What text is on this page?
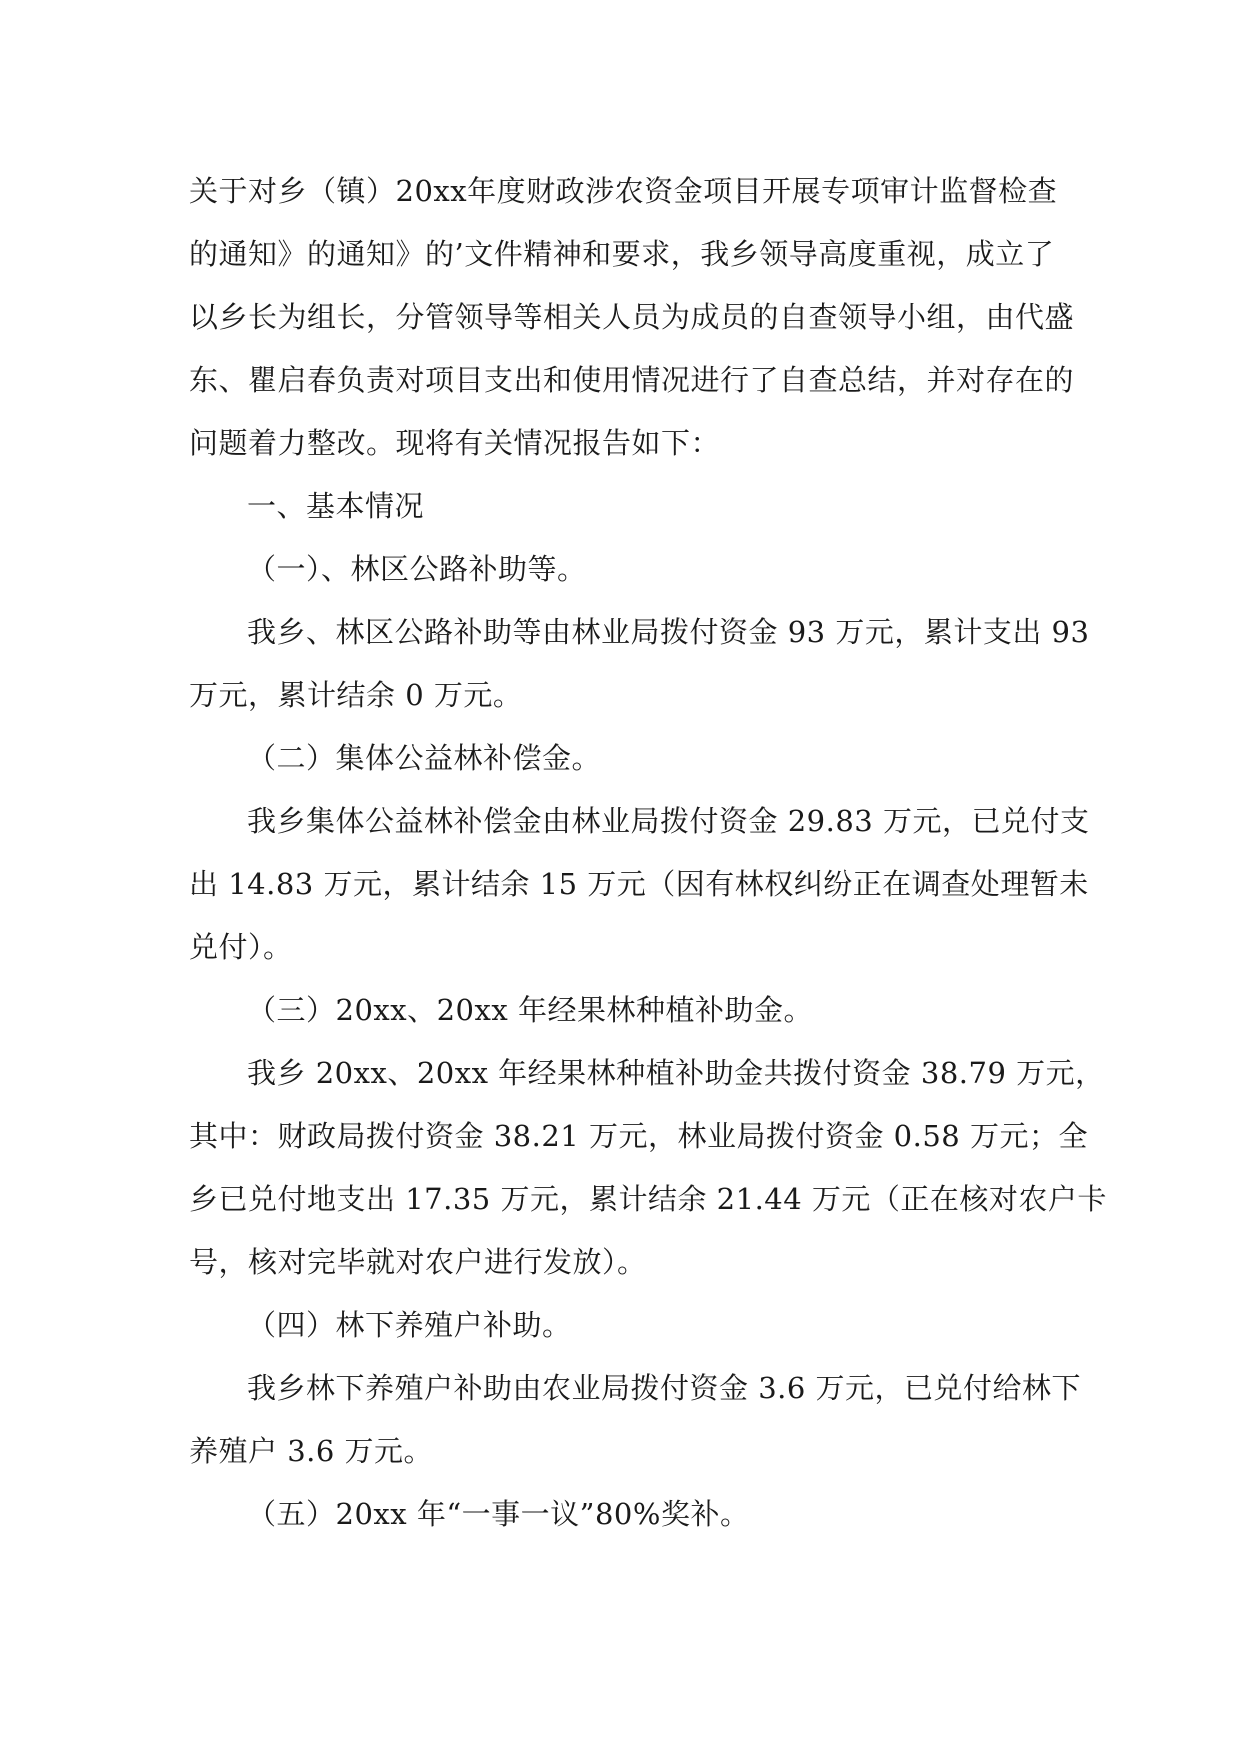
关于对乡（镇）20xx年度财政涉农资金项目开展专项审计监督检查
的通知》的通知》的’文件精神和要求，我乡领导高度重视，成立了
以乡长为组长，分管领导等相关人员为成员的自查领导小组，由代盛
东、瞿启春负责对项目支出和使用情况进行了自查总结，并对存在的
问题着力整改。现将有关情况报告如下：
一、基本情况
（一）、林区公路补助等。
我乡、林区公路补助等由林业局拨付资金 93 万元，累计支出 93
万元，累计结余 0 万元。
（二）集体公益林补偿金。
我乡集体公益林补偿金由林业局拨付资金 29.83 万元，已兑付支
出 14.83 万元，累计结余 15 万元（因有林权纠纷正在调查处理暂未
兑付）。
（三）20xx、20xx 年经果林种植补助金。
我乡 20xx、20xx 年经果林种植补助金共拨付资金 38.79 万元，
其中：财政局拨付资金 38.21 万元，林业局拨付资金 0.58 万元；全
乡已兑付地支出 17.35 万元，累计结余 21.44 万元（正在核对农户卡
号，核对完毕就对农户进行发放）。
（四）林下养殖户补助。
我乡林下养殖户补助由农业局拨付资金 3.6 万元，已兑付给林下
养殖户 3.6 万元。
（五）20xx 年“一事一议”80%奖补。
